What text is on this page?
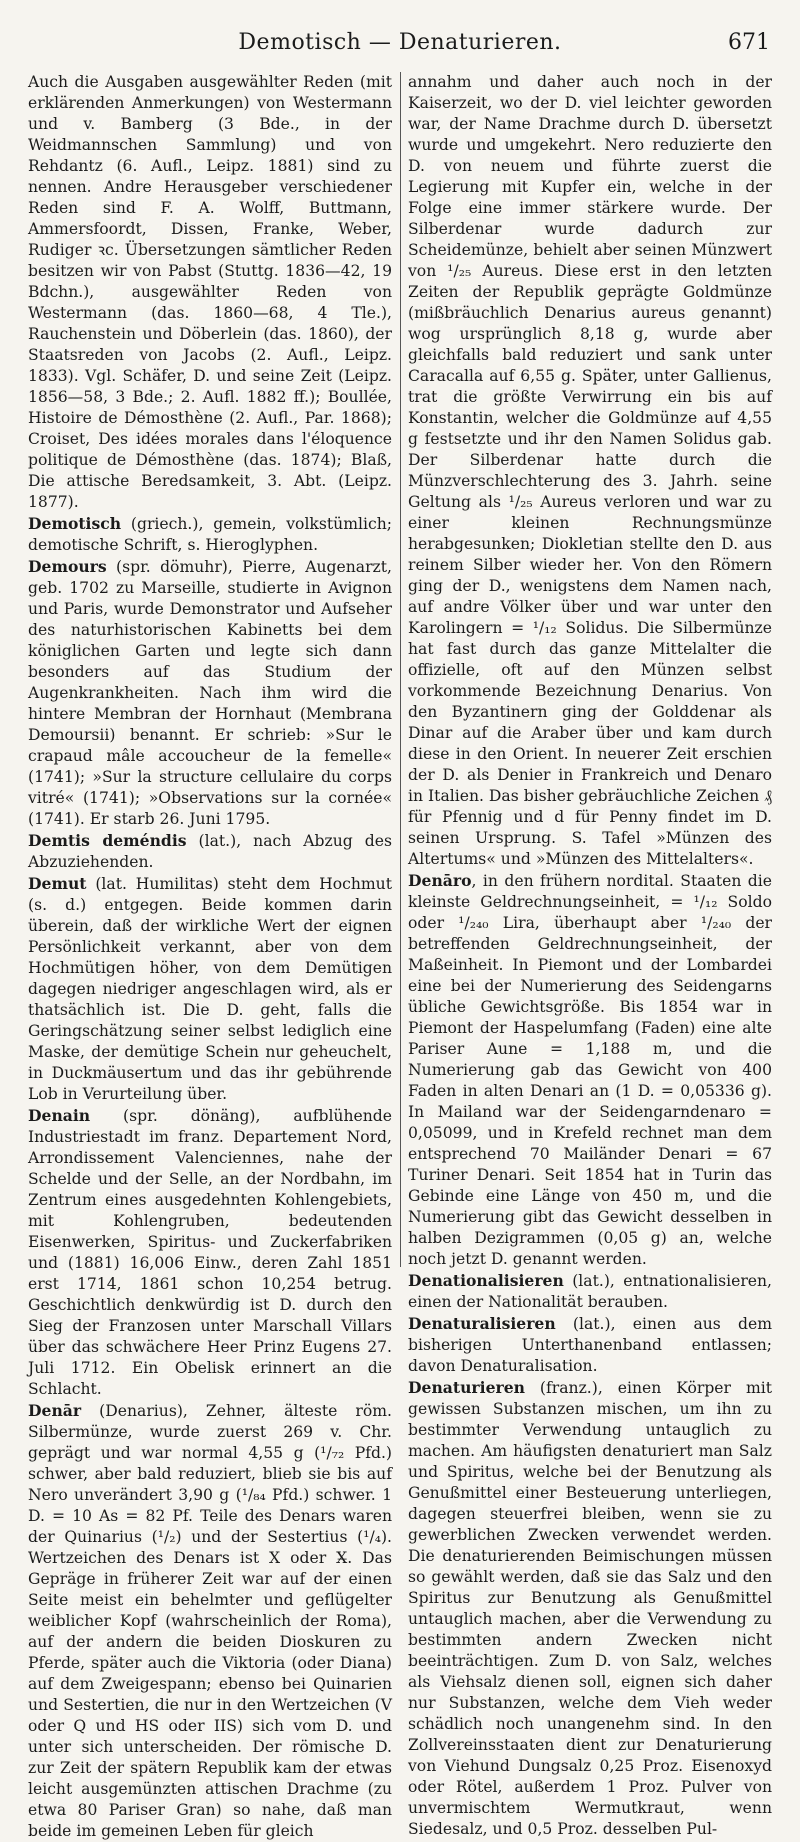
Demotisch — Denaturieren.	671

Auch die Ausgaben ausgewählter Reden (mit erklärenden Anmerkungen) von Westermann und v. Bamberg (3 Bde., in der Weidmannschen Sammlung) und von Rehdantz (6. Aufl., Leipz. 1881) sind zu nennen. Andre Herausgeber verschiedener Reden sind F. A. Wolff, Buttmann, Ammersfoordt, Dissen, Franke, Weber, Rudiger ꝛc. Übersetzungen sämtlicher Reden besitzen wir von Pabst (Stuttg. 1836—42, 19 Bdchn.), ausgewählter Reden von Westermann (das. 1860—68, 4 Tle.), Rauchenstein und Döberlein (das. 1860), der Staatsreden von Jacobs (2. Aufl., Leipz. 1833). Vgl. Schäfer, D. und seine Zeit (Leipz. 1856—58, 3 Bde.; 2. Aufl. 1882 ff.); Boullée, Histoire de Démosthène (2. Aufl., Par. 1868); Croiset, Des idées morales dans l'éloquence politique de Démosthène (das. 1874); Blaß, Die attische Beredsamkeit, 3. Abt. (Leipz. 1877).

Demotisch (griech.), gemein, volkstümlich; demotische Schrift, s. Hieroglyphen.

Demours (spr. dömuhr), Pierre, Augenarzt, geb. 1702 zu Marseille, studierte in Avignon und Paris, wurde Demonstrator und Aufseher des naturhistorischen Kabinetts bei dem königlichen Garten und legte sich dann besonders auf das Studium der Augenkrankheiten. Nach ihm wird die hintere Membran der Hornhaut (Membrana Demoursii) benannt. Er schrieb: »Sur le crapaud mâle accoucheur de la femelle« (1741); »Sur la structure cellulaire du corps vitré« (1741); »Observations sur la cornée« (1741). Er starb 26. Juni 1795.

Demtis deméndis (lat.), nach Abzug des Abzuziehenden.

Demut (lat. Humilitas) steht dem Hochmut (s. d.) entgegen. Beide kommen darin überein, daß der wirkliche Wert der eignen Persönlichkeit verkannt, aber von dem Hochmütigen höher, von dem Demütigen dagegen niedriger angeschlagen wird, als er thatsächlich ist. Die D. geht, falls die Geringschätzung seiner selbst lediglich eine Maske, der demütige Schein nur geheuchelt, in Duckmäusertum und das ihr gebührende Lob in Verurteilung über.

Denain (spr. dönäng), aufblühende Industriestadt im franz. Departement Nord, Arrondissement Valenciennes, nahe der Schelde und der Selle, an der Nordbahn, im Zentrum eines ausgedehnten Kohlengebiets, mit Kohlengruben, bedeutenden Eisenwerken, Spiritus- und Zuckerfabriken und (1881) 16,006 Einw., deren Zahl 1851 erst 1714, 1861 schon 10,254 betrug. Geschichtlich denkwürdig ist D. durch den Sieg der Franzosen unter Marschall Villars über das schwächere Heer Prinz Eugens 27. Juli 1712. Ein Obelisk erinnert an die Schlacht.

Denār (Denarius), Zehner, älteste röm. Silbermünze, wurde zuerst 269 v. Chr. geprägt und war normal 4,55 g (¹/₇₂ Pfd.) schwer, aber bald reduziert, blieb sie bis auf Nero unverändert 3,90 g (¹/₈₄ Pfd.) schwer. 1 D. = 10 As = 82 Pf. Teile des Denars waren der Quinarius (¹/₂) und der Sestertius (¹/₄). Wertzeichen des Denars ist X oder X̶. Das Gepräge in früherer Zeit war auf der einen Seite meist ein behelmter und geflügelter weiblicher Kopf (wahrscheinlich der Roma), auf der andern die beiden Dioskuren zu Pferde, später auch die Viktoria (oder Diana) auf dem Zweigespann; ebenso bei Quinarien und Sestertien, die nur in den Wertzeichen (V oder Q und HS oder IIS) sich vom D. und unter sich unterscheiden. Der römische D. zur Zeit der spätern Republik kam der etwas leicht ausgemünzten attischen Drachme (zu etwa 80 Pariser Gran) so nahe, daß man beide im gemeinen Leben für gleich

annahm und daher auch noch in der Kaiserzeit, wo der D. viel leichter geworden war, der Name Drachme durch D. übersetzt wurde und umgekehrt. Nero reduzierte den D. von neuem und führte zuerst die Legierung mit Kupfer ein, welche in der Folge eine immer stärkere wurde. Der Silberdenar wurde dadurch zur Scheidemünze, behielt aber seinen Münzwert von ¹/₂₅ Aureus. Diese erst in den letzten Zeiten der Republik geprägte Goldmünze (mißbräuchlich Denarius aureus genannt) wog ursprünglich 8,18 g, wurde aber gleichfalls bald reduziert und sank unter Caracalla auf 6,55 g. Später, unter Gallienus, trat die größte Verwirrung ein bis auf Konstantin, welcher die Goldmünze auf 4,55 g festsetzte und ihr den Namen Solidus gab. Der Silberdenar hatte durch die Münzverschlechterung des 3. Jahrh. seine Geltung als ¹/₂₅ Aureus verloren und war zu einer kleinen Rechnungsmünze herabgesunken; Diokletian stellte den D. aus reinem Silber wieder her. Von den Römern ging der D., wenigstens dem Namen nach, auf andre Völker über und war unter den Karolingern = ¹/₁₂ Solidus. Die Silbermünze hat fast durch das ganze Mittelalter die offizielle, oft auf den Münzen selbst vorkommende Bezeichnung Denarius. Von den Byzantinern ging der Golddenar als Dinar auf die Araber über und kam durch diese in den Orient. In neuerer Zeit erschien der D. als Denier in Frankreich und Denaro in Italien. Das bisher gebräuchliche Zeichen ₰ für Pfennig und d für Penny findet im D. seinen Ursprung. S. Tafel »Münzen des Altertums« und »Münzen des Mittelalters«.

Denāro, in den frühern nordital. Staaten die kleinste Geldrechnungseinheit, = ¹/₁₂ Soldo oder ¹/₂₄₀ Lira, überhaupt aber ¹/₂₄₀ der betreffenden Geldrechnungseinheit, der Maßeinheit. In Piemont und der Lombardei eine bei der Numerierung des Seidengarns übliche Gewichtsgröße. Bis 1854 war in Piemont der Haspelumfang (Faden) eine alte Pariser Aune = 1,188 m, und die Numerierung gab das Gewicht von 400 Faden in alten Denari an (1 D. = 0,05336 g). In Mailand war der Seidengarndenaro = 0,05099, und in Krefeld rechnet man dem entsprechend 70 Mailänder Denari = 67 Turiner Denari. Seit 1854 hat in Turin das Gebinde eine Länge von 450 m, und die Numerierung gibt das Gewicht desselben in halben Dezigrammen (0,05 g) an, welche noch jetzt D. genannt werden.

Denationalisieren (lat.), entnationalisieren, einen der Nationalität berauben.

Denaturalisieren (lat.), einen aus dem bisherigen Unterthanenband entlassen; davon Denaturalisation.

Denaturieren (franz.), einen Körper mit gewissen Substanzen mischen, um ihn zu bestimmter Verwendung untauglich zu machen. Am häufigsten denaturiert man Salz und Spiritus, welche bei der Benutzung als Genußmittel einer Besteuerung unterliegen, dagegen steuerfrei bleiben, wenn sie zu gewerblichen Zwecken verwendet werden. Die denaturierenden Beimischungen müssen so gewählt werden, daß sie das Salz und den Spiritus zur Benutzung als Genußmittel untauglich machen, aber die Verwendung zu bestimmten andern Zwecken nicht beeinträchtigen. Zum D. von Salz, welches als Viehsalz dienen soll, eignen sich daher nur Substanzen, welche dem Vieh weder schädlich noch unangenehm sind. In den Zollvereinsstaaten dient zur Denaturierung von Viehund Dungsalz 0,25 Proz. Eisenoxyd oder Rötel, außerdem 1 Proz. Pulver von unvermischtem Wermutkraut, wenn Siedesalz, und 0,5 Proz. desselben Pul-
